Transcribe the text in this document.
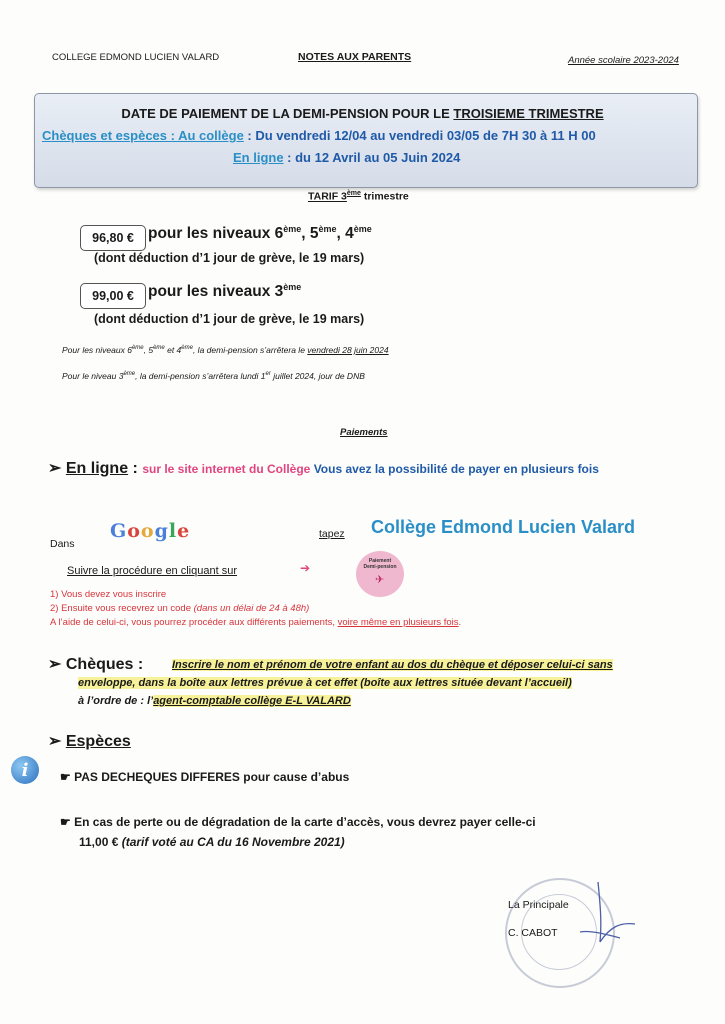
COLLEGE EDMOND LUCIEN VALARD	NOTES AUX PARENTS	Année scolaire 2023-2024
DATE DE PAIEMENT DE LA DEMI-PENSION POUR LE TROISIEME TRIMESTRE
Chèques et espèces : Au collège : Du vendredi 12/04 au vendredi 03/05 de 7H 30 à 11 H 00
En ligne : du 12 Avril au 05 Juin 2024
TARIF 3ème trimestre
96,80 € pour les niveaux 6ème, 5ème, 4ème
(dont déduction d’1 jour de grève, le 19 mars)
99,00 € pour les niveaux 3ème
(dont déduction d’1 jour de grève, le 19 mars)
Pour les niveaux 6ème, 5ème et 4ème, la demi-pension s’arrêtera le vendredi 28 juin 2024
Pour le niveau 3ème, la demi-pension s’arrêtera lundi 1er juillet 2024, jour de DNB
Paiements
➢ En ligne : sur le site internet du Collège Vous avez la possibilité de payer en plusieurs fois
Dans
Google	tapez Collège Edmond Lucien Valard
Suivre la procédure en cliquant sur	➔	Paiement
Demi-pension
✈
1) Vous devez vous inscrire
2) Ensuite vous recevrez un code (dans un délai de 24 à 48h)
A l’aide de celui-ci, vous pourrez procéder aux différents paiements, voire même en plusieurs fois.
➢ Chèques :	Inscrire le nom et prénom de votre enfant au dos du chèque et déposer celui-ci sans
enveloppe, dans la boîte aux lettres prévue à cet effet (boîte aux lettres située devant l’accueil)
à l’ordre de : l’agent-comptable collège E-L VALARD
➢ Espèces
i	☛ PAS DECHEQUES DIFFERES pour cause d’abus
☛ En cas de perte ou de dégradation de la carte d’accès, vous devrez payer celle-ci
11,00 € (tarif voté au CA du 16 Novembre 2021)
La Principale
C. CABOT
